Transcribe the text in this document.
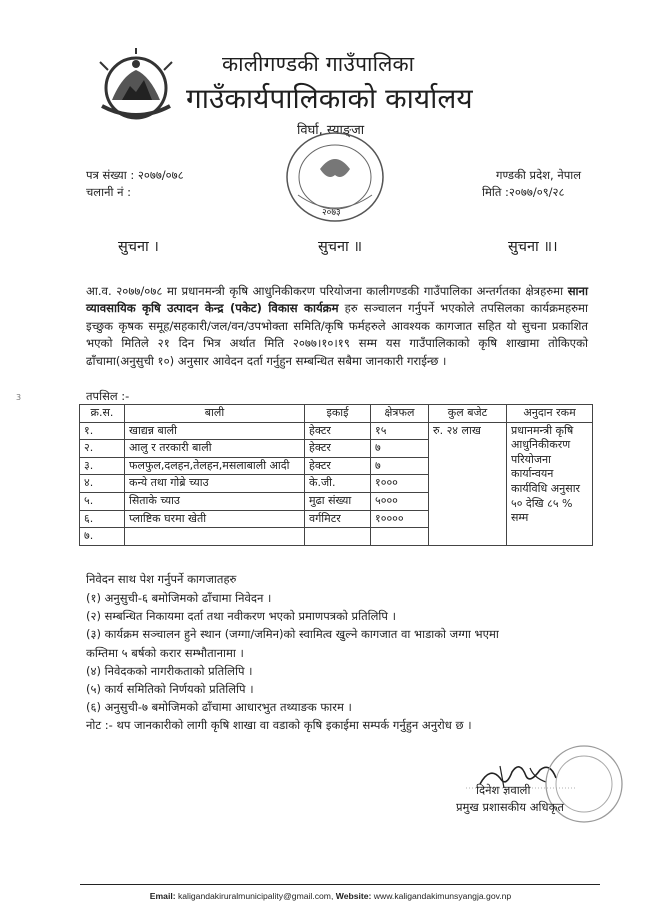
कालीगण्डकी गाउँपालिका
गाउँकार्यपालिकाको कार्यालय
विर्घा, स्याङ्जा
२०७३
पत्र संख्या : २०७७/०७८
चलानी नं :
गण्डकी प्रदेश, नेपाल
मिति :२०७७/०९/२८
सुचना ।	सुचना ॥	सुचना ॥।
आ.व. २०७७/०७८ मा प्रधानमन्त्री कृषि आधुनिकीकरण परियोजना कालीगण्डकी गाउँपालिका अन्तर्गतका क्षेत्रहरुमा साना व्यावसायिक कृषि उत्पादन केन्द्र (पकेट) विकास कार्यक्रम हरु सञ्चालन गर्नुपर्ने भएकोले तपसिलका कार्यक्रमहरुमा इच्छुक कृषक समूह/सहकारी/जल/वन/उपभोक्ता समिति/कृषि फर्महरुले आवश्यक कागजात सहित यो सुचना प्रकाशित भएको मितिले २१ दिन भित्र अर्थात मिति २०७७।१०।१९ सम्म यस गाउँपालिकाको कृषि शाखामा तोकिएको ढाँचामा(अनुसुची १०) अनुसार आवेदन दर्ता गर्नुहुन सम्बन्धित सबैमा जानकारी गराईन्छ ।
3	तपसिल :-
क्र.स.	बाली	इकाई	क्षेत्रफल	कुल बजेट	अनुदान रकम
१.	खाद्यन्न बाली	हेक्टर	१५	रु. २४ लाख	प्रधानमन्त्री कृषि आधुनिकीकरण परियोजना कार्यान्वयन कार्यविधि अनुसार ५० देखि ८५ % सम्म
२.	आलु र तरकारी बाली	हेक्टर	७		
३.	फलफुल,दलहन,तेलहन,मसलाबाली आदी	हेक्टर	७		
४.	कन्ये तथा गोब्रे च्याउ	के.जी.	१०००		
५.	सिताके च्याउ	मुढा संख्या	५०००		
६.	प्लाष्टिक घरमा खेती	वर्गमिटर	१००००		
७.					
निवेदन साथ पेश गर्नुपर्ने कागजातहरु
(१) अनुसुची-६ बमोजिमको ढाँचामा निवेदन ।
(२) सम्बन्धित निकायमा दर्ता तथा नवीकरण भएको प्रमाणपत्रको प्रतिलिपि ।
(३) कार्यक्रम सञ्चालन हुने स्थान (जग्गा/जमिन)को स्वामित्व खुल्ने कागजात वा भाडाको जग्गा भएमा
कम्तिमा ५ बर्षको करार सम्भौतानामा ।
(४) निवेदकको नागरीकताको प्रतिलिपि ।
(५) कार्य समितिको निर्णयको प्रतिलिपि ।
(६) अनुसुची-७ बमोजिमको ढाँचामा आधारभुत तथ्याङक फारम ।
नोट :- थप जानकारीको लागी कृषि शाखा वा वडाको कृषि इकाईमा सम्पर्क गर्नुहुन अनुरोध छ ।
दिनेश ज्ञवाली
प्रमुख प्रशासकीय अधिकृत
Email: kaligandakiruralmunicipality@gmail.com, Website: www.kaligandakimunsyangja.gov.np
